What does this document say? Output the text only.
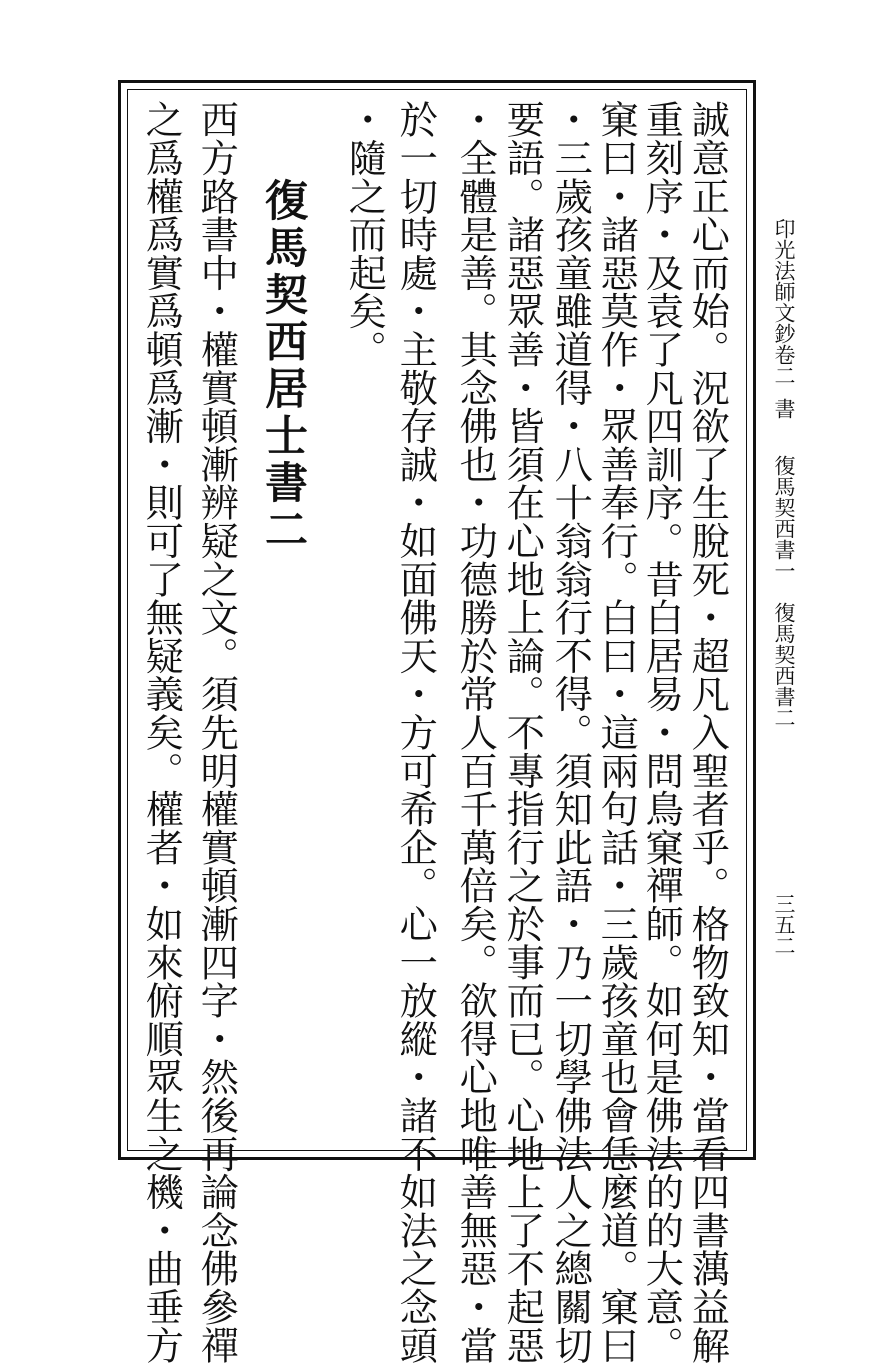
印光法師文鈔卷二
書
復馬契西書一　復馬契西書二
三五二
誠意正心而始。況欲了生脫死・超凡入聖者乎。格物致知・當看四書蕅益解
重刻序・及袁了凡四訓序。昔白居易・問鳥窠禪師。如何是佛法的的大意。
窠曰・諸惡莫作・眾善奉行。白曰・這兩句話・三歲孩童也會恁麼道。窠曰
・三歲孩童雖道得・八十翁翁行不得。須知此語・乃一切學佛法人之總關切
要語。諸惡眾善・皆須在心地上論。不專指行之於事而已。心地上了不起惡
・全體是善。其念佛也・功德勝於常人百千萬倍矣。欲得心地唯善無惡・當
於一切時處・主敬存誠・如面佛天・方可希企。心一放縱・諸不如法之念頭
・隨之而起矣。
復馬契西居士書二
西方路書中・權實頓漸辨疑之文。須先明權實頓漸四字・然後再論念佛參禪
之爲權爲實爲頓爲漸・則可了無疑義矣。權者・如來俯順眾生之機・曲垂方
